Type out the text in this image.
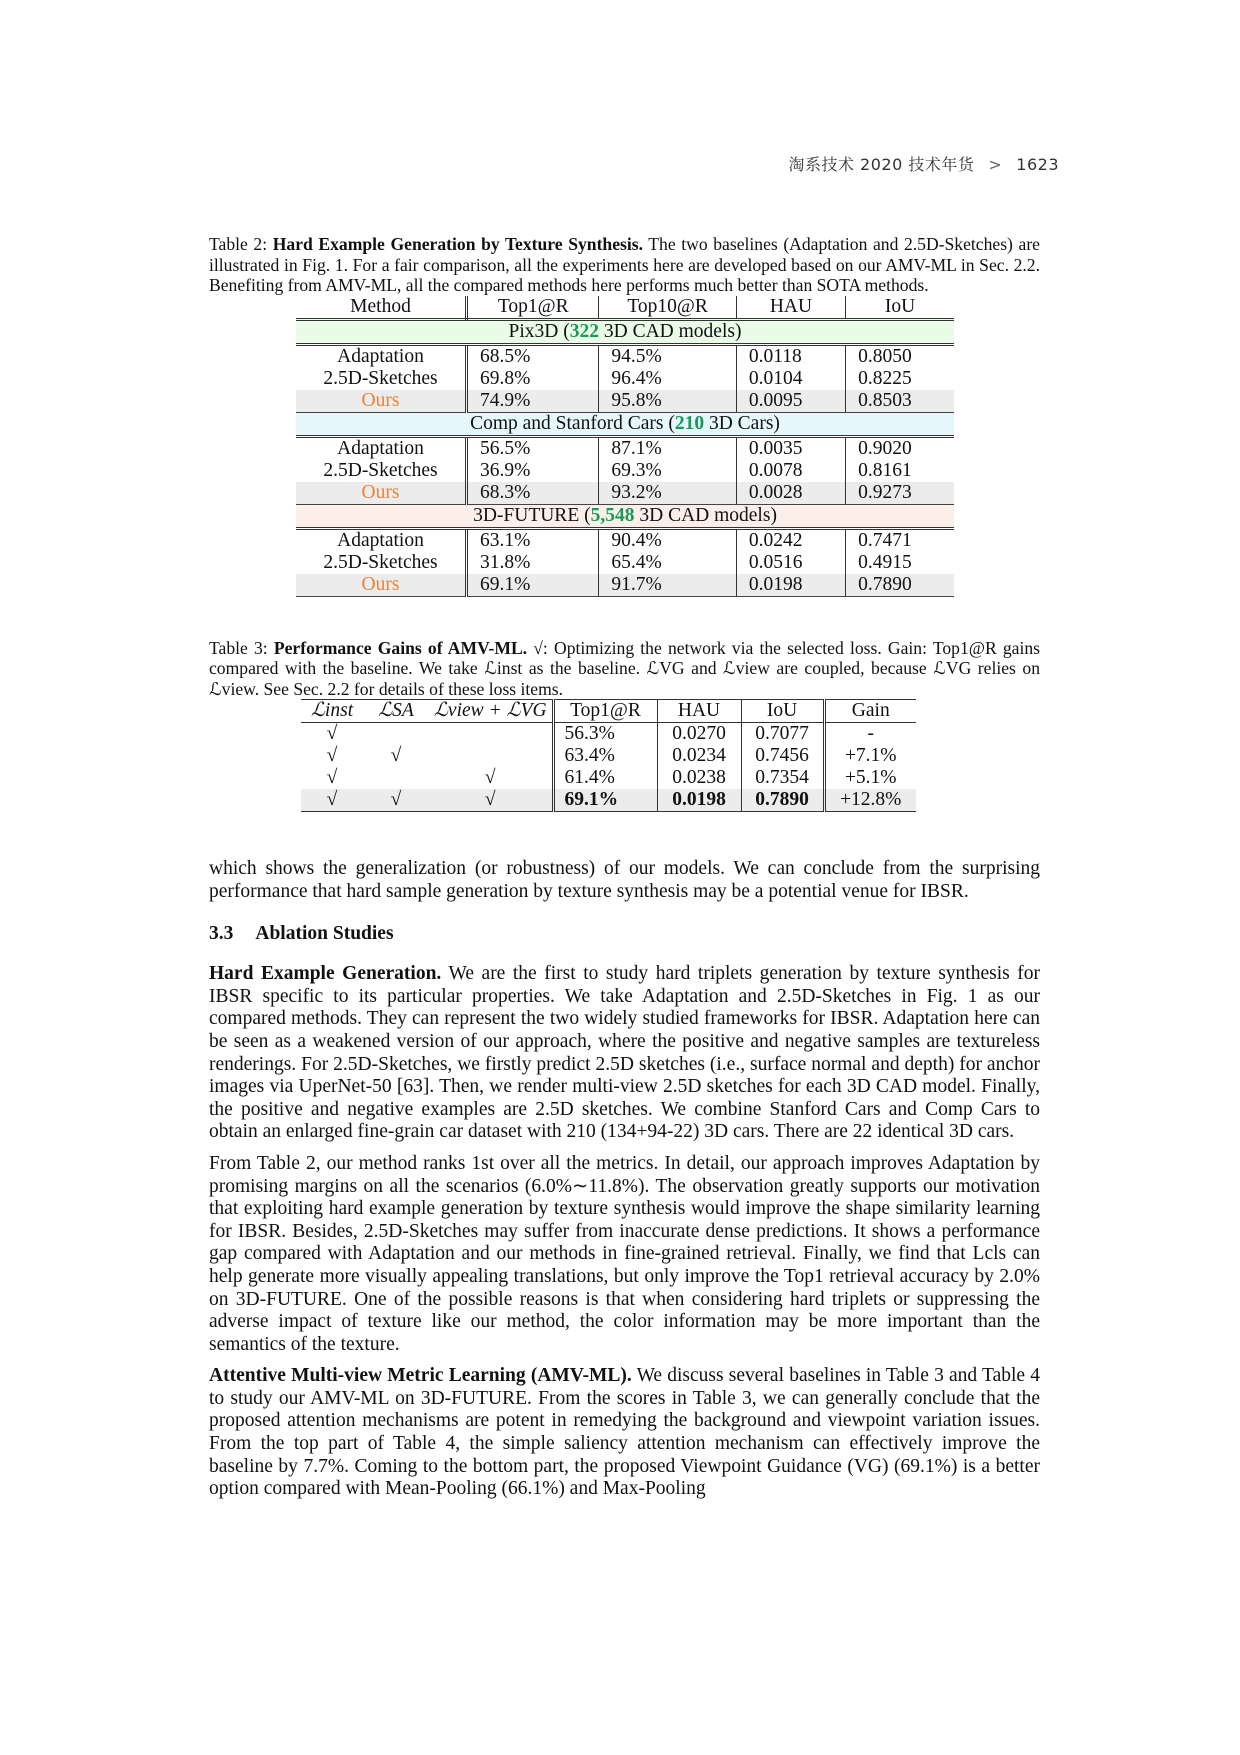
淘系技术 2020 技术年货 > 1623

Table 2: Hard Example Generation by Texture Synthesis. The two baselines (Adaptation and 2.5D-Sketches) are illustrated in Fig. 1. For a fair comparison, all the experiments here are developed based on our AMV-ML in Sec. 2.2. Benefiting from AMV-ML, all the compared methods here performs much better than SOTA methods.

Method	Top1@R	Top10@R	HAU	IoU
Pix3D (322 3D CAD models)				
Adaptation	68.5%	94.5%	0.0118	0.8050
2.5D-Sketches	69.8%	96.4%	0.0104	0.8225
Ours	74.9%	95.8%	0.0095	0.8503
Comp and Stanford Cars (210 3D Cars)				
Adaptation	56.5%	87.1%	0.0035	0.9020
2.5D-Sketches	36.9%	69.3%	0.0078	0.8161
Ours	68.3%	93.2%	0.0028	0.9273
3D-FUTURE (5,548 3D CAD models)				
Adaptation	63.1%	90.4%	0.0242	0.7471
2.5D-Sketches	31.8%	65.4%	0.0516	0.4915
Ours	69.1%	91.7%	0.0198	0.7890

Table 3: Performance Gains of AMV-ML. √: Optimizing the network via the selected loss. Gain: Top1@R gains compared with the baseline. We take ℒinst as the baseline. ℒVG and ℒview are coupled, because ℒVG relies on ℒview. See Sec. 2.2 for details of these loss items.

ℒinst	ℒSA	ℒview + ℒVG	Top1@R	HAU	IoU	Gain
√			56.3%	0.0270	0.7077	-
√	√		63.4%	0.0234	0.7456	+7.1%
√		√	61.4%	0.0238	0.7354	+5.1%
√	√	√	69.1%	0.0198	0.7890	+12.8%

which shows the generalization (or robustness) of our models. We can conclude from the surprising performance that hard sample generation by texture synthesis may be a potential venue for IBSR.

3.3 Ablation Studies

Hard Example Generation. We are the first to study hard triplets generation by texture synthesis for IBSR specific to its particular properties. We take Adaptation and 2.5D-Sketches in Fig. 1 as our compared methods. They can represent the two widely studied frameworks for IBSR. Adaptation here can be seen as a weakened version of our approach, where the positive and negative samples are textureless renderings. For 2.5D-Sketches, we firstly predict 2.5D sketches (i.e., surface normal and depth) for anchor images via UperNet-50 [63]. Then, we render multi-view 2.5D sketches for each 3D CAD model. Finally, the positive and negative examples are 2.5D sketches. We combine Stanford Cars and Comp Cars to obtain an enlarged fine-grain car dataset with 210 (134+94-22) 3D cars. There are 22 identical 3D cars.

From Table 2, our method ranks 1st over all the metrics. In detail, our approach improves Adaptation by promising margins on all the scenarios (6.0%∼11.8%). The observation greatly supports our motivation that exploiting hard example generation by texture synthesis would improve the shape similarity learning for IBSR. Besides, 2.5D-Sketches may suffer from inaccurate dense predictions. It shows a performance gap compared with Adaptation and our methods in fine-grained retrieval. Finally, we find that Lcls can help generate more visually appealing translations, but only improve the Top1 retrieval accuracy by 2.0% on 3D-FUTURE. One of the possible reasons is that when considering hard triplets or suppressing the adverse impact of texture like our method, the color information may be more important than the semantics of the texture.

Attentive Multi-view Metric Learning (AMV-ML). We discuss several baselines in Table 3 and Table 4 to study our AMV-ML on 3D-FUTURE. From the scores in Table 3, we can generally conclude that the proposed attention mechanisms are potent in remedying the background and viewpoint variation issues. From the top part of Table 4, the simple saliency attention mechanism can effectively improve the baseline by 7.7%. Coming to the bottom part, the proposed Viewpoint Guidance (VG) (69.1%) is a better option compared with Mean-Pooling (66.1%) and Max-Pooling
